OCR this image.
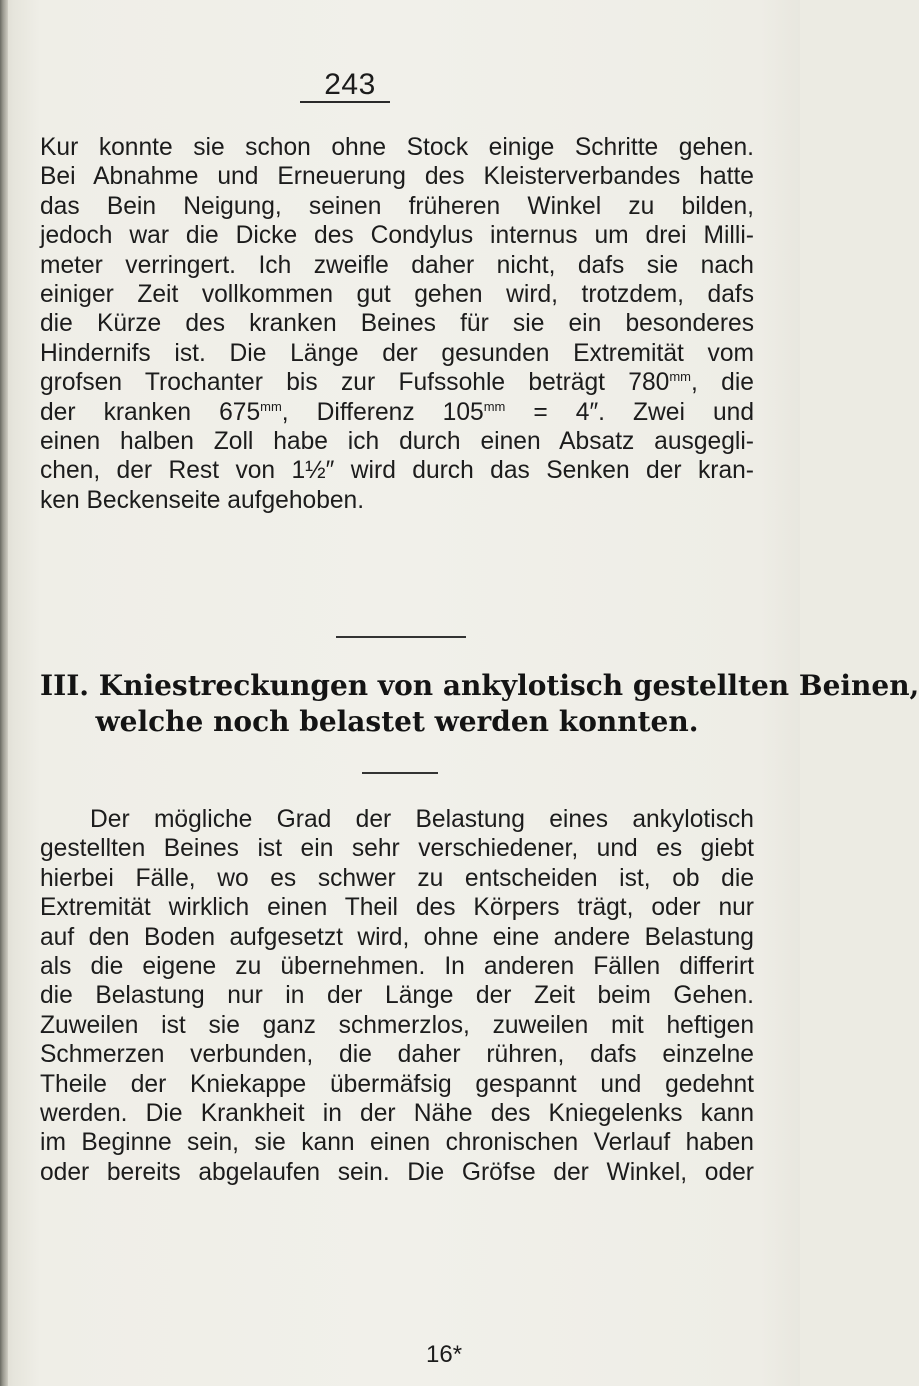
243
Kur konnte sie schon ohne Stock einige Schritte gehen.
Bei Abnahme und Erneuerung des Kleisterverbandes hatte
das Bein Neigung, seinen früheren Winkel zu bilden,
jedoch war die Dicke des Condylus internus um drei Milli-
meter verringert. Ich zweifle daher nicht, dafs sie nach
einiger Zeit vollkommen gut gehen wird, trotzdem, dafs
die Kürze des kranken Beines für sie ein besonderes
Hindernifs ist. Die Länge der gesunden Extremität vom
grofsen Trochanter bis zur Fufssohle beträgt $780^{mm}$, die
der kranken $675^{mm}$, Differenz $105^{mm} = 4''$. Zwei und
einen halben Zoll habe ich durch einen Absatz ausgegli-
chen, der Rest von 1½″ wird durch das Senken der kran-
ken Beckenseite aufgehoben.
III. Kniestreckungen von ankylotisch gestellten Beinen,
welche noch belastet werden konnten.
Der mögliche Grad der Belastung eines ankylotisch
gestellten Beines ist ein sehr verschiedener, und es giebt
hierbei Fälle, wo es schwer zu entscheiden ist, ob die
Extremität wirklich einen Theil des Körpers trägt, oder nur
auf den Boden aufgesetzt wird, ohne eine andere Belastung
als die eigene zu übernehmen. In anderen Fällen differirt
die Belastung nur in der Länge der Zeit beim Gehen.
Zuweilen ist sie ganz schmerzlos, zuweilen mit heftigen
Schmerzen verbunden, die daher rühren, dafs einzelne
Theile der Kniekappe übermäfsig gespannt und gedehnt
werden. Die Krankheit in der Nähe des Kniegelenks kann
im Beginne sein, sie kann einen chronischen Verlauf haben
oder bereits abgelaufen sein. Die Gröfse der Winkel, oder
16*
